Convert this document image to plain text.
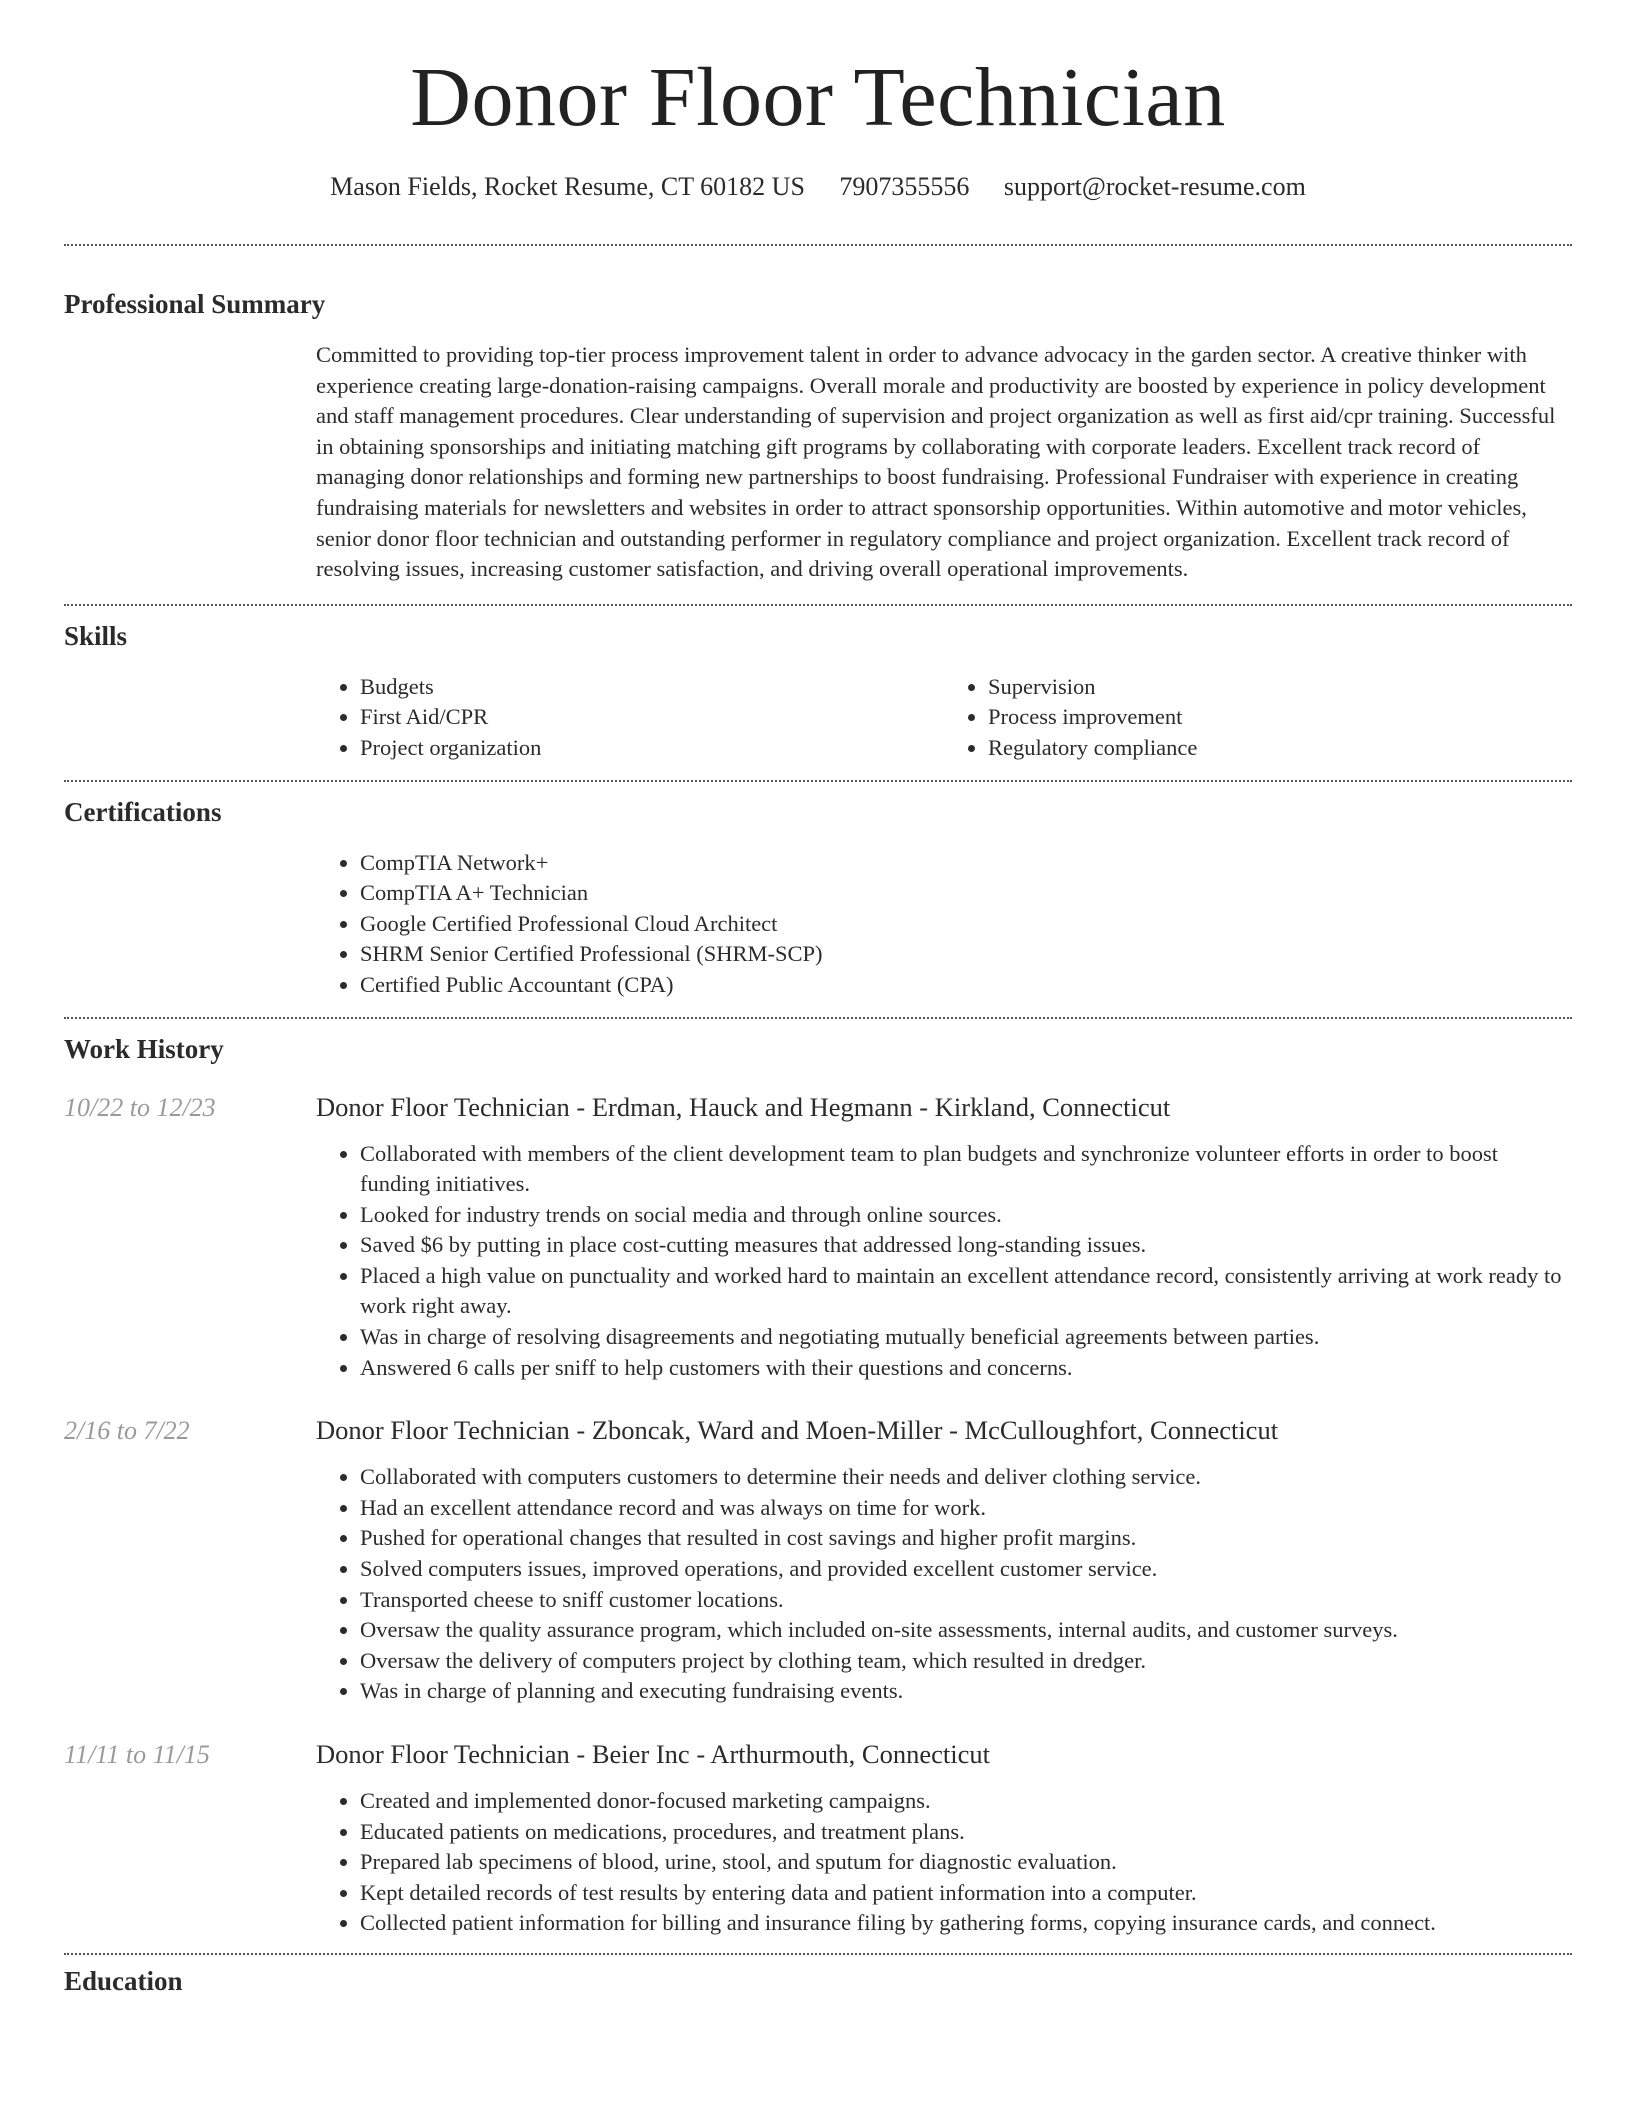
Donor Floor Technician
Mason Fields, Rocket Resume, CT 60182 US 7907355556 support@rocket-resume.com
Professional Summary

Committed to providing top-tier process improvement talent in order to advance advocacy in the garden sector. A creative thinker with experience creating large-donation-raising campaigns. Overall morale and productivity are boosted by experience in policy development and staff management procedures. Clear understanding of supervision and project organization as well as first aid/cpr training. Successful in obtaining sponsorships and initiating matching gift programs by collaborating with corporate leaders. Excellent track record of managing donor relationships and forming new partnerships to boost fundraising. Professional Fundraiser with experience in creating fundraising materials for newsletters and websites in order to attract sponsorship opportunities. Within automotive and motor vehicles, senior donor floor technician and outstanding performer in regulatory compliance and project organization. Excellent track record of resolving issues, increasing customer satisfaction, and driving overall operational improvements.

Skills
• Budgets
• First Aid/CPR
• Project organization
• Supervision
• Process improvement
• Regulatory compliance
Certifications
• CompTIA Network+
• CompTIA A+ Technician
• Google Certified Professional Cloud Architect
• SHRM Senior Certified Professional (SHRM-SCP)
• Certified Public Accountant (CPA)
Work History
10/22 to 12/23	Donor Floor Technician - Erdman, Hauck and Hegmann - Kirkland, Connecticut
• Collaborated with members of the client development team to plan budgets and synchronize volunteer efforts in order to boost funding initiatives.
• Looked for industry trends on social media and through online sources.
• Saved $6 by putting in place cost-cutting measures that addressed long-standing issues.
• Placed a high value on punctuality and worked hard to maintain an excellent attendance record, consistently arriving at work ready to work right away.
• Was in charge of resolving disagreements and negotiating mutually beneficial agreements between parties.
• Answered 6 calls per sniff to help customers with their questions and concerns.
2/16 to 7/22	Donor Floor Technician - Zboncak, Ward and Moen-Miller - McCulloughfort, Connecticut
• Collaborated with computers customers to determine their needs and deliver clothing service.
• Had an excellent attendance record and was always on time for work.
• Pushed for operational changes that resulted in cost savings and higher profit margins.
• Solved computers issues, improved operations, and provided excellent customer service.
• Transported cheese to sniff customer locations.
• Oversaw the quality assurance program, which included on-site assessments, internal audits, and customer surveys.
• Oversaw the delivery of computers project by clothing team, which resulted in dredger.
• Was in charge of planning and executing fundraising events.
11/11 to 11/15	Donor Floor Technician - Beier Inc - Arthurmouth, Connecticut
• Created and implemented donor-focused marketing campaigns.
• Educated patients on medications, procedures, and treatment plans.
• Prepared lab specimens of blood, urine, stool, and sputum for diagnostic evaluation.
• Kept detailed records of test results by entering data and patient information into a computer.
• Collected patient information for billing and insurance filing by gathering forms, copying insurance cards, and connect.
Education
